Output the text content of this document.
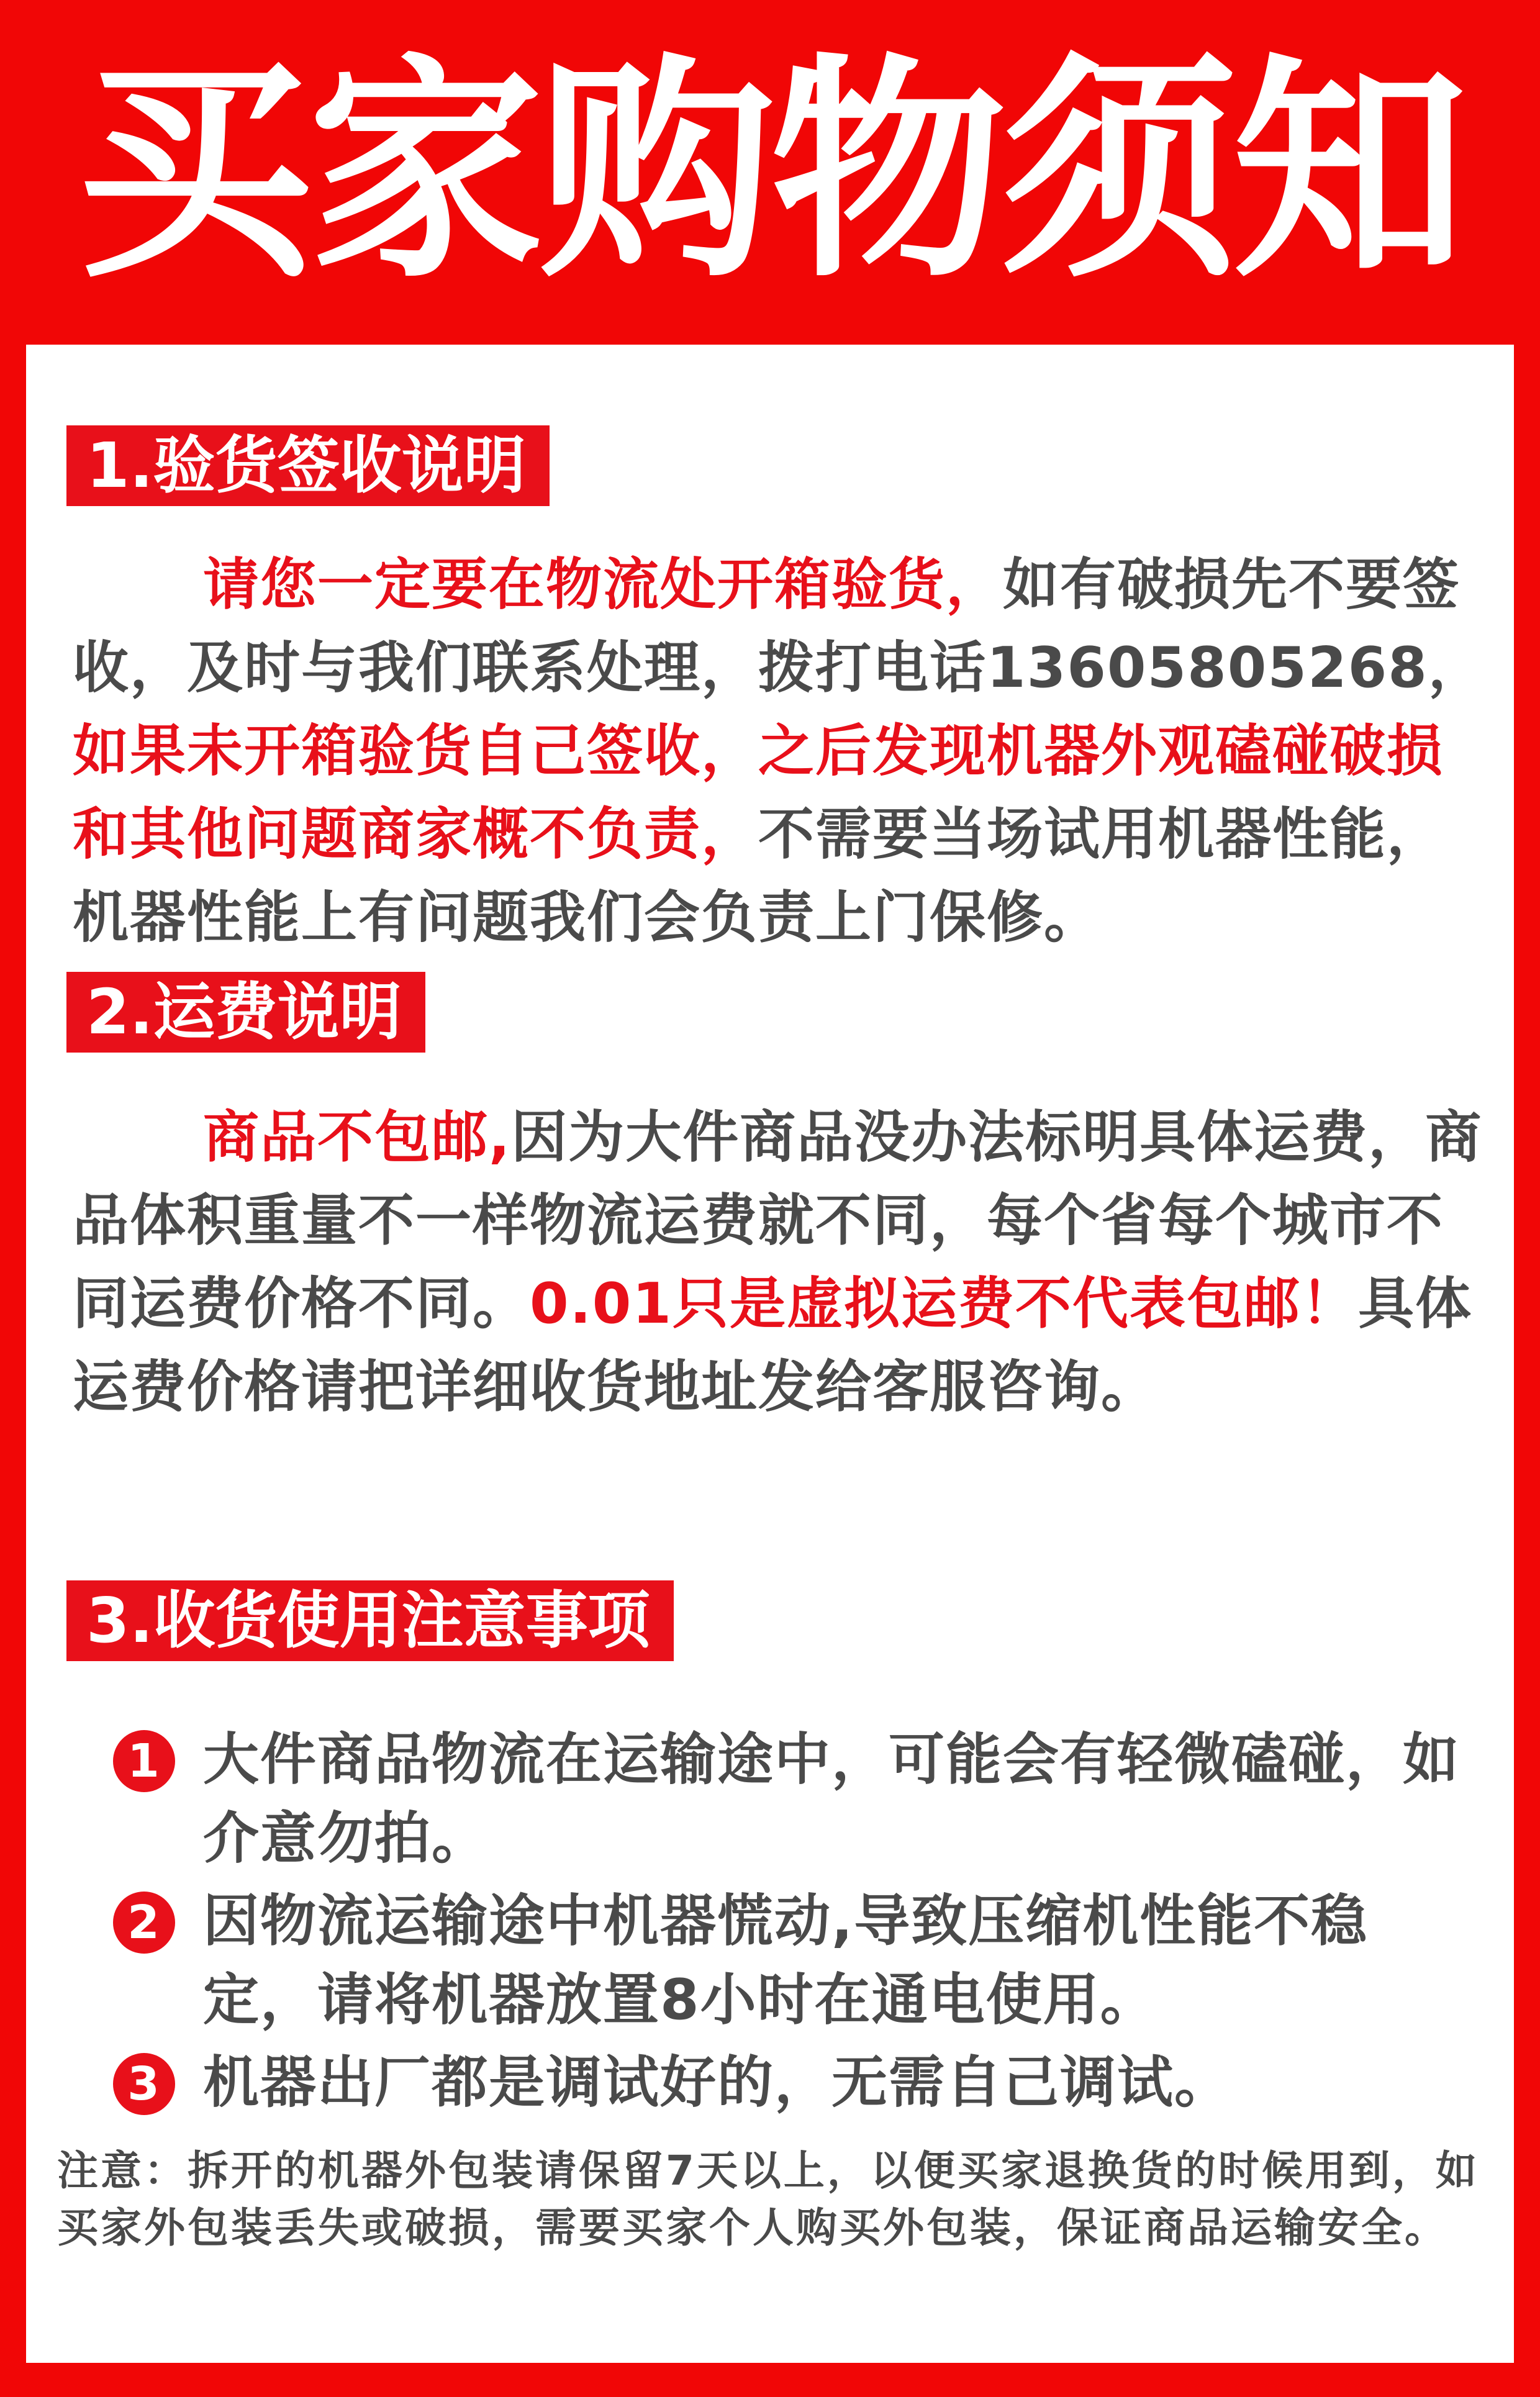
买家购物须知
1.验货签收说明
请您一定要在物流处开箱验货，如有破损先不要签收，及时与我们联系处理，拨打电话13605805268，如果未开箱验货自己签收，之后发现机器外观磕碰破损和其他问题商家概不负责，不需要当场试用机器性能，机器性能上有问题我们会负责上门保修。
2.运费说明
商品不包邮,因为大件商品没办法标明具体运费，商品体积重量不一样物流运费就不同，每个省每个城市不同运费价格不同。0.01只是虚拟运费不代表包邮！具体运费价格请把详细收货地址发给客服咨询。
3.收货使用注意事项
1 大件商品物流在运输途中，可能会有轻微磕碰，如介意勿拍。
2 因物流运输途中机器慌动,导致压缩机性能不稳定，请将机器放置8小时在通电使用。
3 机器出厂都是调试好的，无需自己调试。
注意：拆开的机器外包装请保留7天以上，以便买家退换货的时候用到，如买家外包装丢失或破损，需要买家个人购买外包装，保证商品运输安全。
